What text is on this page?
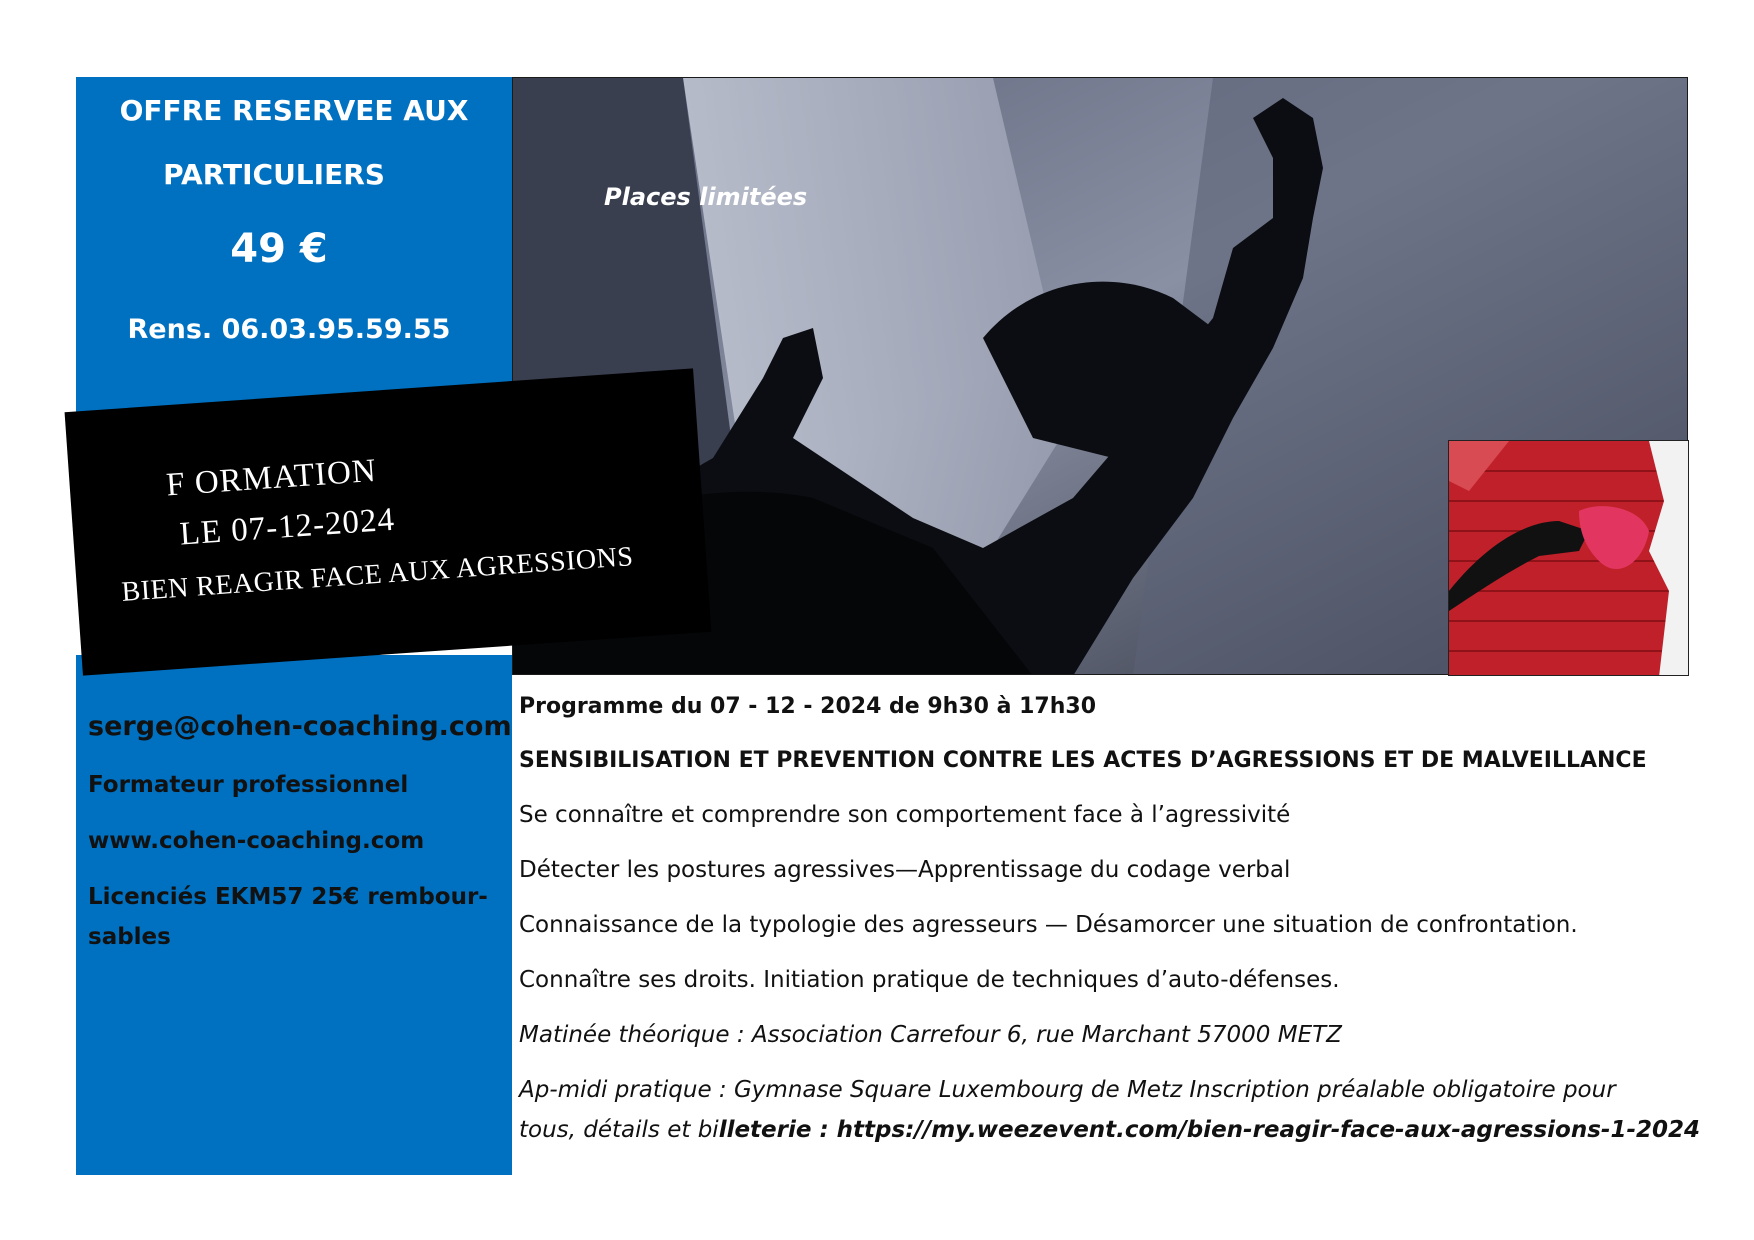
OFFRE RESERVEE AUX
PARTICULIERS
49 €
Rens. 06.03.95.59.55
Places limitées
F ORMATION
LE 07-12-2024
BIEN REAGIR FACE AUX AGRESSIONS
serge@cohen-coaching.com
Formateur professionnel
www.cohen-coaching.com
Licenciés EKM57 25€ rembour-
sables
Programme du 07 - 12 - 2024 de 9h30 à 17h30
SENSIBILISATION ET PREVENTION CONTRE LES ACTES D’AGRESSIONS ET DE MALVEILLANCE
Se connaître et comprendre son comportement face à l’agressivité
Détecter les postures agressives—Apprentissage du codage verbal
Connaissance de la typologie des agresseurs — Désamorcer une situation de confrontation.
Connaître ses droits. Initiation pratique de techniques d’auto-défenses.
Matinée théorique : Association Carrefour 6, rue Marchant 57000 METZ
Ap-midi pratique : Gymnase Square Luxembourg de Metz Inscription préalable obligatoire pour
tous, détails et billeterie : https://my.weezevent.com/bien-reagir-face-aux-agressions-1-2024
